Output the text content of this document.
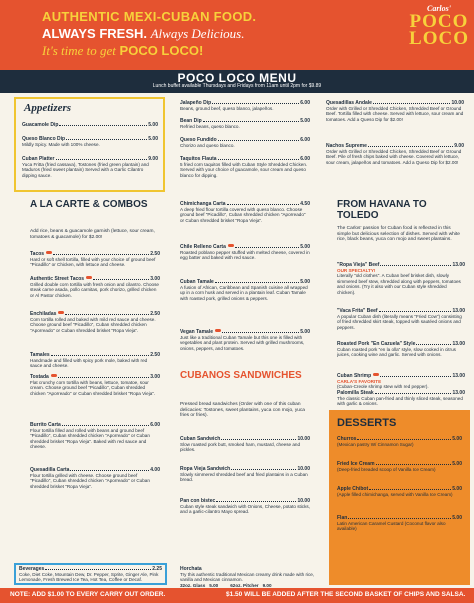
AUTHENTIC MEXI-CUBAN FOOD.
ALWAYS FRESH. Always Delicious.
It's time to get POCO LOCO!
Carlos'
POCO
LOCO
POCO LOCO MENU
Lunch buffet available Thursdays and Fridays from 11am until 2pm for $9.89
Appetizers
Guacamole Dip	5.00
Queso Blanco Dip	5.00
Mildly Spicy. Made with 100% cheese.
Cuban Platter	9.00
Yuca Fritta (fried cassava), Tostones (fried green plantain) and Maduros (fried sweet plantain) Served with a Garlic Cilantro dipping sauce.
Jalapeño Dip	6.00
Beans, ground beef, queso blanco, jalapeños.
Bean Dip	5.00
Refried beans, queso blanco.
Queso Fundido	6.00
Chorizo and queso blanco.
Taquitos Flauta	6.00
5 fried corn taquitos filled with Cuban Style Shredded Chicken. Served with your choice of guacamole, sour cream and queso blanco for dipping.
Quesadillas Andale	10.00
Order with Grilled or Shredded Chicken, Shredded Beef or Ground Beef. Tortilla filled with cheese. Served with lettuce, sour cream and tomatoes. Add a Queso Dip for $2.00!
Nachos Supreme	9.00
Order with Grilled or Shredded Chicken, Shredded Beef or Ground Beef. Pile of fresh chips baked with cheese. Covered with lettuce, sour cream, jalapeños and tomatoes. Add a Queso Dip for $2.00!
A LA CARTE & COMBOS
Add rice, beans & guacamole garnish (lettuce, sour cream, tomatoes & guacamole) for $2.00!
Tacos	2.50
Hard or soft shell tortilla, filled with your choice of ground beef "Picadillo" or Chicken, with lettuce and cheese.
Authentic Street Tacos	3.00
Grilled double corn tortilla with fresh onion and cilantro. Choose steak carne asada, pollo carnitas, pork chorizo, grilled chicken or Al Pastor chicken.
Enchiladas	2.50
Corn tortilla rolled and baked with mild red sauce and cheese. Choose ground beef "Picadillo", Cuban shredded chicken "Aporreado" or Cuban shredded brisket "Ropa Vieja".
Tamales	2.50
Handmade and filled with spicy pork mole, baked with red sauce and cheese.
Tostada	3.00
Flat crunchy corn tortilla with beans, lettuce, tomatoe, sour cream. Choose ground beef "Picadillo", Cuban shredded chicken "Aporreado" or Cuban shredded brisket "Ropa Vieja".
Burrito Carta	6.00
Flour tortilla filled and rolled with beans and ground beef "Picadillo", Cuban shredded chicken "Aporreado" or Cuban shredded brisket "Ropa Vieja". Baked with red sauce and cheese.
Quesadilla Carta	4.00
Flour tortilla grilled with cheese. Choose ground beef "Picadillo", Cuban shredded chicken "Aporreado" or Cuban shredded brisket "Ropa Vieja".
Chimichanga Carta	4.50
A deep fried flour tortilla covered with queso blanco. Choose ground beef "Picadillo", Cuban shredded chicken "Aporreado" or Cuban shredded brisket "Ropa Vieja".
Chile Relleno Carta	5.00
Roasted poblano pepper stuffed with melted cheese, covered in egg batter and baked with red sauce.
Cuban Tamale	5.00
A fusion of African, Caribbean and Spanish cuisine all wrapped up in a corn husk and served in a plantain leaf. Cuban Tamale with roasted pork, grilled onions & peppers.
Vegan Tamale	5.00
Just like a traditional Cuban Tamale but this one is filled with vegetables and plant protein. Served with grilled mushrooms, onions, peppers, and tomatoes.
CUBANOS SANDWICHES
Pressed bread sandwiches (Order with one of this cuban delicacies: Tostones, sweet plantains, yuca con mojo, yuca fries or fries).
Cuban Sandwich	10.00
Slow roasted pork butt, smoked ham, mustard, cheese and pickles.
Ropa Vieja Sandwich	10.00
Slowly simmered shredded beef and fried plantains in a Cuban bread.
Pan con bistec	10.00
Cuban style steak sandwich with Onions, Cheese, potato sticks, and a garlic-cilantro Mayo spread.
FROM HAVANA TO TOLEDO
The Carlos' passion for Cuban food is reflected in this simple but delicious selection of dishes. Served with white rice, black beans, yuca con mojo and sweet plantains.
"Ropa Vieja" Beef	13.00
OUR SPECIALTY!
Literally "old clothes". A Cuban beef brisket dish, slowly simmered beef stew, shredded along with peppers, tomatoes and onions. (Try it also with our Cuban style shredded chicken).
"Vaca Frita" Beef	13.00
A popular Cuban dish (literally means "Fried Cow") consisting of fried shredded skirt steak, topped with sautéed onions and peppers.
Roasted Pork "En Cazuela" Style	13.00
Cuban roasted pork "en la olla" style, slow cooked in citrus juices, cooking wine and garlic. Served with onions.
Cuban Shrimp	13.00
CARLA'S FAVORITE
(Cuban-Creole shrimp stew with red pepper).
Palomilla Steak	13.00
The classic Cuban pan-fried and thinly sliced steak, seasoned with garlic & onions.
DESSERTS
Churros	5.00
(Mexican pastry W/ Cinnamon Sugar)
Fried Ice Cream	5.00
(Deep-fried breaded scoop of Vanilla Ice Cream)
Apple Chibot	5.00
(Apple filled chimichanga, served with Vanilla Ice Cream)
Flan	5.00
Latin American Caramel Custard (Coconut flavor also available)
Beverages	2.25
Coke, Diet Coke, Mountain Dew, Dr. Pepper, Sprite, Ginger Ale, Pink Lemonade, Fresh Brewed Ice Tea, Hot Tea, Coffee or Decaf.
Horchata
Try this authentic traditional Mexican creamy drink made with rice, vanilla and Mexican cinnamon.
32oz. Glass 5.00	62oz. Pitcher 9.00
NOTE: ADD $1.00 TO EVERY CARRY OUT ORDER.	$1.50 WILL BE ADDED AFTER THE SECOND BASKET OF CHIPS AND SALSA.
